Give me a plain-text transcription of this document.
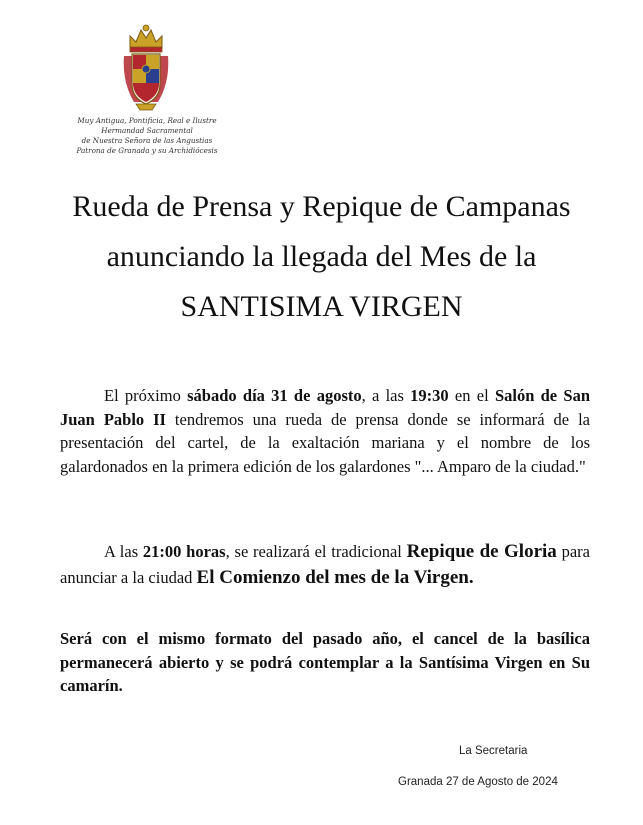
Muy Antigua, Pontificia, Real e Ilustre
Hermandad Sacramental
de Nuestra Señora de las Angustias
Patrona de Granada y su Archidiócesis
Rueda de Prensa y Repique de Campanas
anunciando la llegada del Mes de la
SANTISIMA VIRGEN
El próximo sábado día 31 de agosto, a las 19:30 en el Salón de San Juan Pablo II tendremos una rueda de prensa donde se informará de la presentación del cartel, de la exaltación mariana y el nombre de los galardonados en la primera edición de los galardones "... Amparo de la ciudad."
A las 21:00 horas, se realizará el tradicional Repique de Gloria para anunciar a la ciudad El Comienzo del mes de la Virgen.
Será con el mismo formato del pasado año, el cancel de la basílica permanecerá abierto y se podrá contemplar a la Santísima Virgen en Su camarín.
La Secretaria
Granada 27 de Agosto de 2024
